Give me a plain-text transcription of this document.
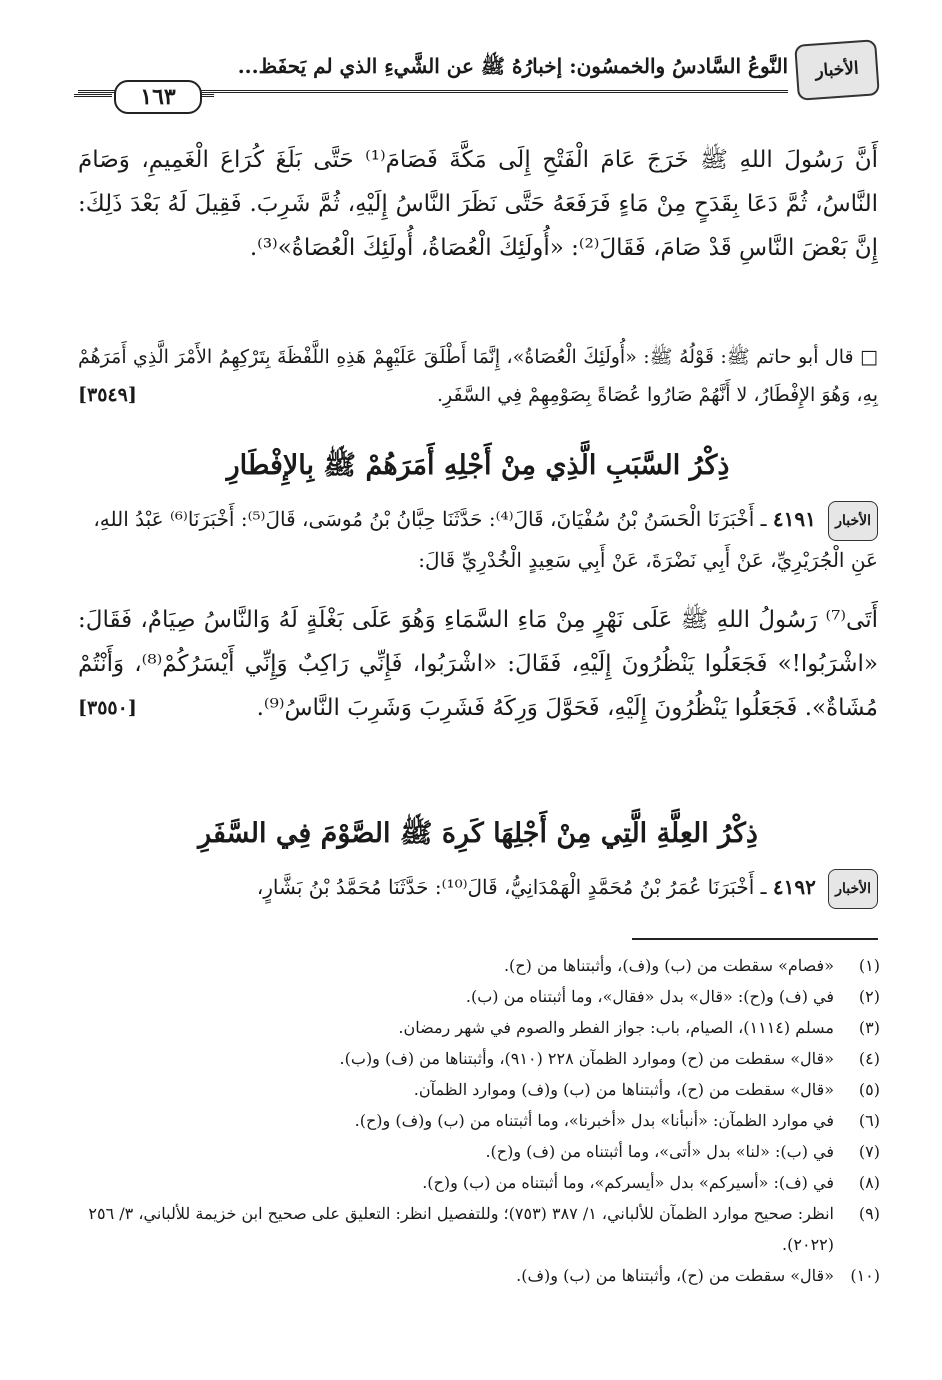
الأخبار
النَّوعُ السَّادسُ والخمسُون: إخبارُهُ ﷺ عن الشَّيءِ الذي لم يَحفَظ...
١٦٣
أَنَّ رَسُولَ اللهِ ﷺ خَرَجَ عَامَ الْفَتْحِ إِلَى مَكَّةَ فَصَامَ⁽¹⁾ حَتَّى بَلَغَ كُرَاعَ الْغَمِيمِ، وَصَامَ النَّاسُ، ثُمَّ دَعَا بِقَدَحٍ مِنْ مَاءٍ فَرَفَعَهُ حَتَّى نَظَرَ النَّاسُ إِلَيْهِ، ثُمَّ شَرِبَ. فَقِيلَ لَهُ بَعْدَ ذَلِكَ: إِنَّ بَعْضَ النَّاسِ قَدْ صَامَ، فَقَالَ⁽²⁾: «أُولَئِكَ الْعُصَاةُ، أُولَئِكَ الْعُصَاةُ»⁽³⁾.
□ قال أبو حاتم ﷺ: قَوْلُهُ ﷺ: «أُولَئِكَ الْعُصَاةُ»، إِنَّمَا أَطْلَقَ عَلَيْهِمْ هَذِهِ اللَّفْظَةَ بِتَرْكِهِمُ الأَمْرَ الَّذِي أَمَرَهُمْ بِهِ، وَهُوَ الإِفْطَارُ، لا أَنَّهُمْ صَارُوا عُصَاةً بِصَوْمِهِمْ فِي السَّفَرِ.
[٣٥٤٩]
ذِكْرُ السَّبَبِ الَّذِي مِنْ أَجْلِهِ أَمَرَهُمْ ﷺ بِالإِفْطَارِ
الأخبار ٤١٩١ ـ أَخْبَرَنَا الْحَسَنُ بْنُ سُفْيَانَ، قَالَ⁽⁴⁾: حَدَّثَنَا حِبَّانُ بْنُ مُوسَى، قَالَ⁽⁵⁾: أَخْبَرَنَا⁽⁶⁾ عَبْدُ اللهِ، عَنِ الْجُرَيْرِيِّ، عَنْ أَبِي نَضْرَةَ، عَنْ أَبِي سَعِيدٍ الْخُدْرِيِّ قَالَ:
أَتَى⁽⁷⁾ رَسُولُ اللهِ ﷺ عَلَى نَهْرٍ مِنْ مَاءِ السَّمَاءِ وَهُوَ عَلَى بَغْلَةٍ لَهُ وَالنَّاسُ صِيَامٌ، فَقَالَ: «اشْرَبُوا!» فَجَعَلُوا يَنْظُرُونَ إِلَيْهِ، فَقَالَ: «اشْرَبُوا، فَإِنِّي رَاكِبٌ وَإِنِّي أَيْسَرُكُمْ⁽⁸⁾، وَأَنْتُمْ مُشَاةٌ». فَجَعَلُوا يَنْظُرُونَ إِلَيْهِ، فَحَوَّلَ وَرِكَهُ فَشَرِبَ وَشَرِبَ النَّاسُ⁽⁹⁾.
[٣٥٥٠]
ذِكْرُ العِلَّةِ الَّتِي مِنْ أَجْلِهَا كَرِهَ ﷺ الصَّوْمَ فِي السَّفَرِ
الأخبار ٤١٩٢ ـ أَخْبَرَنَا عُمَرُ بْنُ مُحَمَّدٍ الْهَمْدَانِيُّ، قَالَ⁽¹⁰⁾: حَدَّثَنَا مُحَمَّدُ بْنُ بَشَّارٍ،
(١)
«فصام» سقطت من (ب) و(ف)، وأثبتناها من (ح).
(٢)
في (ف) و(ح): «قال» بدل «فقال»، وما أثبتناه من (ب).
(٣)
مسلم (١١١٤)، الصيام، باب: جواز الفطر والصوم في شهر رمضان.
(٤)
«قال» سقطت من (ح) وموارد الظمآن ٢٢٨ (٩١٠)، وأثبتناها من (ف) و(ب).
(٥)
«قال» سقطت من (ح)، وأثبتناها من (ب) و(ف) وموارد الظمآن.
(٦)
في موارد الظمآن: «أنبأنا» بدل «أخبرنا»، وما أثبتناه من (ب) و(ف) و(ح).
(٧)
في (ب): «لنا» بدل «أتى»، وما أثبتناه من (ف) و(ح).
(٨)
في (ف): «أسيركم» بدل «أيسركم»، وما أثبتناه من (ب) و(ح).
(٩)
انظر: صحيح موارد الظمآن للألباني، ١/ ٣٨٧ (٧٥٣)؛ وللتفصيل انظر: التعليق على صحيح ابن خزيمة للألباني، ٣/ ٢٥٦ (٢٠٢٢).
(١٠)
«قال» سقطت من (ح)، وأثبتناها من (ب) و(ف).
